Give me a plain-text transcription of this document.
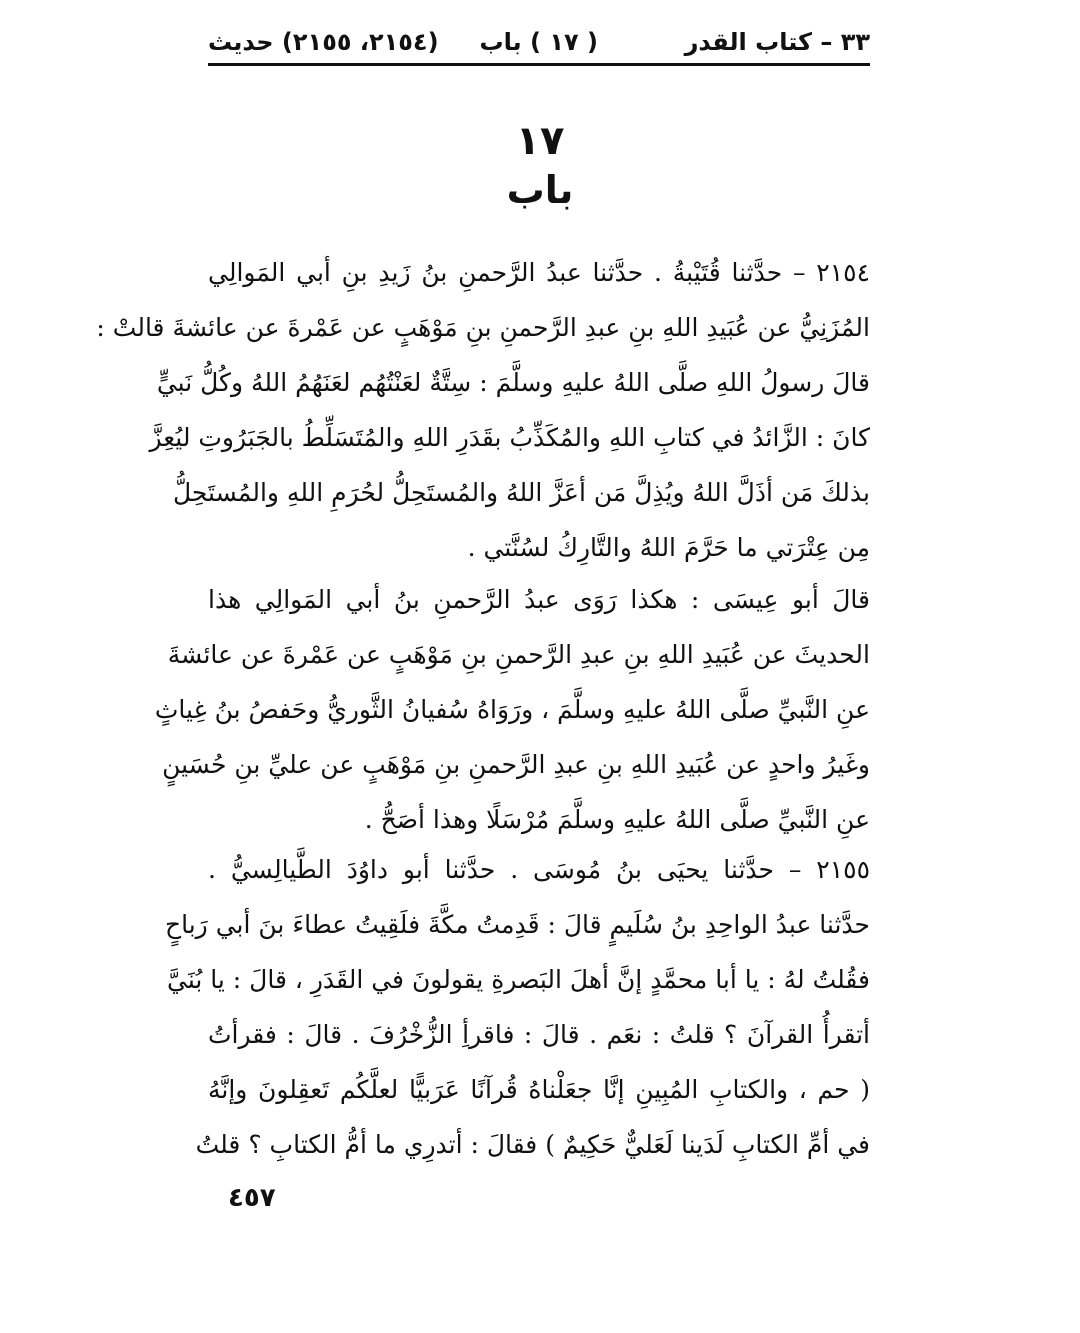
٣٣ – كتاب القدر
( ١٧ ) باب
(٢١٥٤، ٢١٥٥) حديث
١٧
باب
٢١٥٤ – حدَّثنا قُتَيْبةُ . حدَّثنا عبدُ الرَّحمنِ بنُ زَيدِ بنِ أبي المَوالِي
المُزَنِيُّ عن عُبَيدِ اللهِ بنِ عبدِ الرَّحمنِ بنِ مَوْهَبٍ عن عَمْرةَ عن عائشةَ قالتْ :
قالَ رسولُ اللهِ صلَّى اللهُ عليهِ وسلَّمَ : سِتَّةٌ لعَنْتُهُم لعَنَهُمُ اللهُ وكُلُّ نَبيٍّ
كانَ : الزَّائدُ في كتابِ اللهِ والمُكَذِّبُ بقَدَرِ اللهِ والمُتَسَلِّطُ بالجَبَرُوتِ ليُعِزَّ
بذلكَ مَن أذَلَّ اللهُ ويُذِلَّ مَن أعَزَّ اللهُ والمُستَحِلُّ لحُرَمِ اللهِ والمُستَحِلُّ
مِن عِتْرَتي ما حَرَّمَ اللهُ والتَّارِكُ لسُنَّتي .
قالَ أبو عِيسَى : هكذا رَوَى عبدُ الرَّحمنِ بنُ أبي المَوالِي هذا
الحديثَ عن عُبَيدِ اللهِ بنِ عبدِ الرَّحمنِ بنِ مَوْهَبٍ عن عَمْرةَ عن عائشةَ
عنِ النَّبيِّ صلَّى اللهُ عليهِ وسلَّمَ ، ورَوَاهُ سُفيانُ الثَّوريُّ وحَفصُ بنُ غِياثٍ
وغَيرُ واحدٍ عن عُبَيدِ اللهِ بنِ عبدِ الرَّحمنِ بنِ مَوْهَبٍ عن عليِّ بنِ حُسَينٍ
عنِ النَّبيِّ صلَّى اللهُ عليهِ وسلَّمَ مُرْسَلًا وهذا أصَحُّ .
٢١٥٥ – حدَّثنا يحيَى بنُ مُوسَى . حدَّثنا أبو داوُدَ الطَّيالِسيُّ .
حدَّثنا عبدُ الواحِدِ بنُ سُلَيمٍ قالَ : قَدِمتُ مكَّةَ فلَقِيتُ عطاءَ بنَ أبي رَباحٍ
فقُلتُ لهُ : يا أبا محمَّدٍ إنَّ أهلَ البَصرةِ يقولونَ في القَدَرِ ، قالَ : يا بُنَيَّ
أتقرأُ القرآنَ ؟ قلتُ : نعَم . قالَ : فاقرأِ الزُّخْرُفَ . قالَ : فقرأتُ
( حم ، والكتابِ المُبِينِ إنَّا جعَلْناهُ قُرآنًا عَرَبيًّا لعلَّكُم تَعقِلونَ وإنَّهُ
في أمِّ الكتابِ لَدَينا لَعَليٌّ حَكِيمٌ ) فقالَ : أتدرِي ما أمُّ الكتابِ ؟ قلتُ
٤٥٧
